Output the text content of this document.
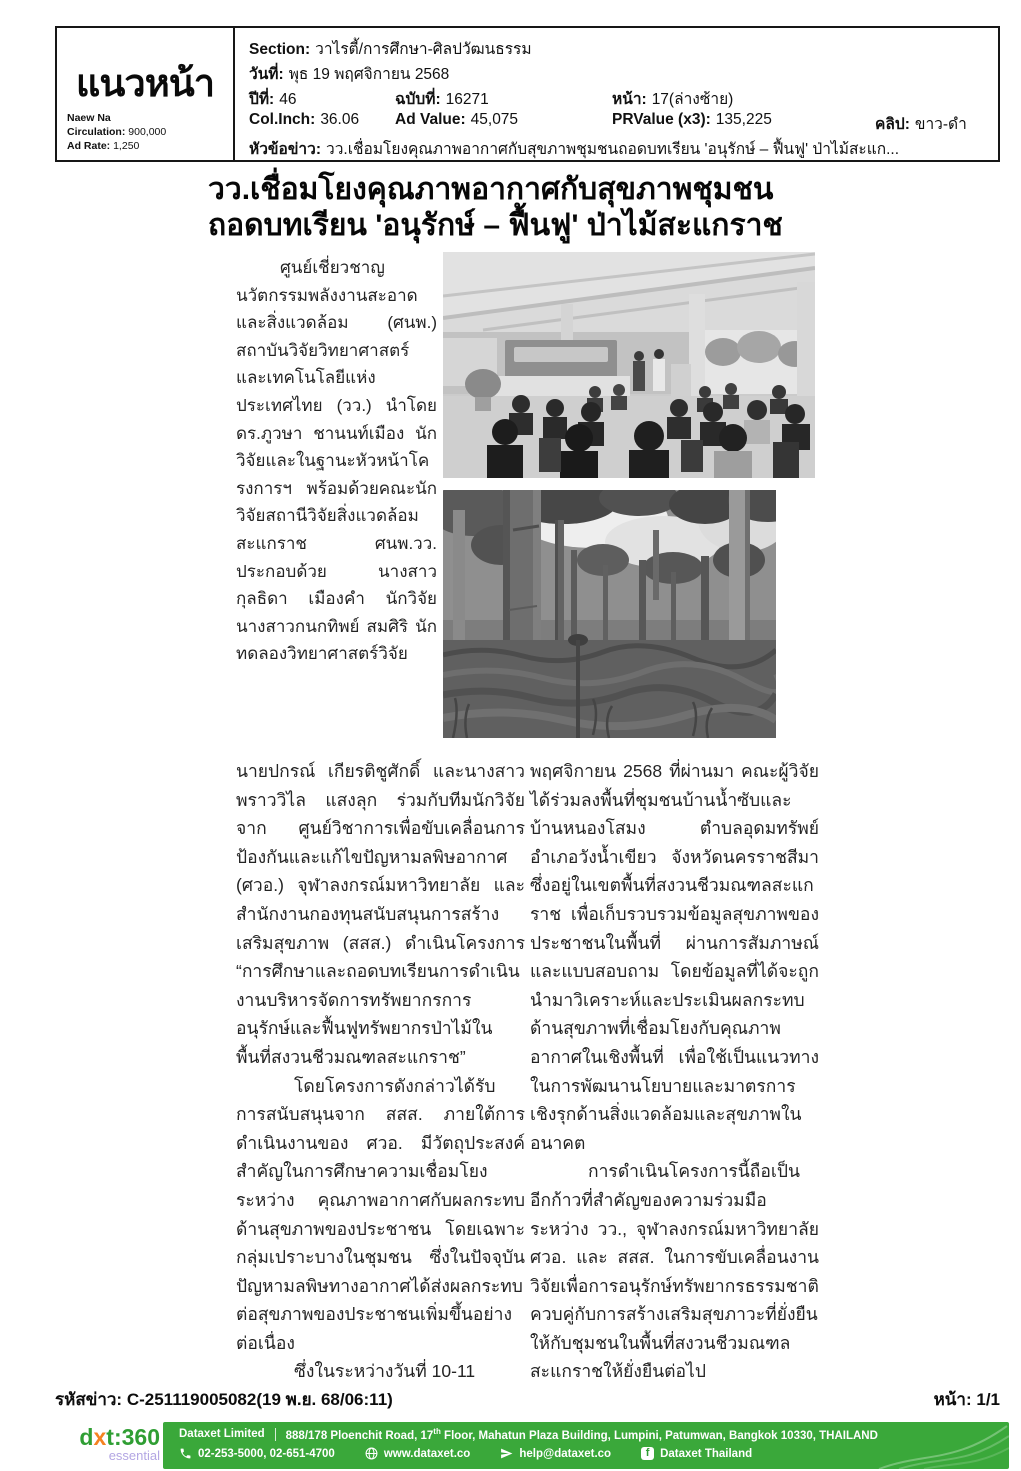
แนวหน้า
Naew Na
Circulation: 900,000
Ad Rate: 1,250
Section: วาไรตี้/การศึกษา-ศิลปวัฒนธรรม
วันที่: พุธ 19 พฤศจิกายน 2568
ปีที่: 46	ฉบับที่: 16271	หน้า: 17(ล่างซ้าย)
Col.Inch: 36.06 Ad Value: 45,075	PRValue (x3): 135,225	คลิป: ขาว-ดำ
หัวข้อข่าว: วว.เชื่อมโยงคุณภาพอากาศกับสุขภาพชุมชนถอดบทเรียน 'อนุรักษ์ – ฟื้นฟู' ป่าไม้สะแก...
วว.เชื่อมโยงคุณภาพอากาศกับสุขภาพชุมชน
ถอดบทเรียน 'อนุรักษ์ – ฟื้นฟู' ป่าไม้สะแกราช

ศูนย์เชี่ยวชาญนวัตกรรมพลังงานสะอาดและสิ่งแวดล้อม (ศนพ.) สถาบันวิจัยวิทยาศาสตร์และเทคโนโลยีแห่งประเทศไทย (วว.) นำโดย ดร.ภูวษา ชานนท์เมือง นักวิจัยและในฐานะหัวหน้าโครงการฯ พร้อมด้วยคณะนักวิจัยสถานีวิจัยสิ่งแวดล้อมสะแกราช ศนพ.วว. ประกอบด้วย นางสาวกุลธิดา เมืองคำ นักวิจัย นางสาวกนกทิพย์ สมศิริ นักทดลองวิทยาศาสตร์วิจัย

นายปกรณ์ เกียรติชูศักดิ์ และนางสาวพราววิไล แสงลุก ร่วมกับทีมนักวิจัยจาก ศูนย์วิชาการเพื่อขับเคลื่อนการป้องกันและแก้ไขปัญหามลพิษอากาศ (ศวอ.) จุฬาลงกรณ์มหาวิทยาลัย และสำนักงานกองทุนสนับสนุนการสร้างเสริมสุขภาพ (สสส.) ดำเนินโครงการ “การศึกษาและถอดบทเรียนการดำเนินงานบริหารจัดการทรัพยากรการอนุรักษ์และฟื้นฟูทรัพยากรป่าไม้ในพื้นที่สงวนชีวมณฑลสะแกราช”

โดยโครงการดังกล่าวได้รับการสนับสนุนจาก สสส. ภายใต้การดำเนินงานของ ศวอ. มีวัตถุประสงค์สำคัญในการศึกษาความเชื่อมโยงระหว่าง คุณภาพอากาศกับผลกระทบด้านสุขภาพของประชาชน โดยเฉพาะกลุ่มเปราะบางในชุมชน ซึ่งในปัจจุบันปัญหามลพิษทางอากาศได้ส่งผลกระทบต่อสุขภาพของประชาชนเพิ่มขึ้นอย่างต่อเนื่อง

ซึ่งในระหว่างวันที่ 10-11

พฤศจิกายน 2568 ที่ผ่านมา คณะผู้วิจัยได้ร่วมลงพื้นที่ชุมชนบ้านน้ำซับและบ้านหนองโสมง ตำบลอุดมทรัพย์ อำเภอวังน้ำเขียว จังหวัดนครราชสีมา ซึ่งอยู่ในเขตพื้นที่สงวนชีวมณฑลสะแกราช เพื่อเก็บรวบรวมข้อมูลสุขภาพของประชาชนในพื้นที่ ผ่านการสัมภาษณ์และแบบสอบถาม โดยข้อมูลที่ได้จะถูกนำมาวิเคราะห์และประเมินผลกระทบด้านสุขภาพที่เชื่อมโยงกับคุณภาพอากาศในเชิงพื้นที่ เพื่อใช้เป็นแนวทางในการพัฒนานโยบายและมาตรการเชิงรุกด้านสิ่งแวดล้อมและสุขภาพในอนาคต

การดำเนินโครงการนี้ถือเป็นอีกก้าวที่สำคัญของความร่วมมือระหว่าง วว., จุฬาลงกรณ์มหาวิทยาลัย ศวอ. และ สสส. ในการขับเคลื่อนงานวิจัยเพื่อการอนุรักษ์ทรัพยากรธรรมชาติ ควบคู่กับการสร้างเสริมสุขภาวะที่ยั่งยืนให้กับชุมชนในพื้นที่สงวนชีวมณฑลสะแกราชให้ยั่งยืนต่อไป

รหัสข่าว: C-251119005082(19 พ.ย. 68/06:11)	หน้า: 1/1
dxt:360
essential
Dataxet Limited 888/178 Ploenchit Road, 17th Floor, Mahatun Plaza Building, Lumpini, Patumwan, Bangkok 10330, THAILAND
02-253-5000, 02-651-4700	www.dataxet.co	help@dataxet.co	f Dataxet Thailand
